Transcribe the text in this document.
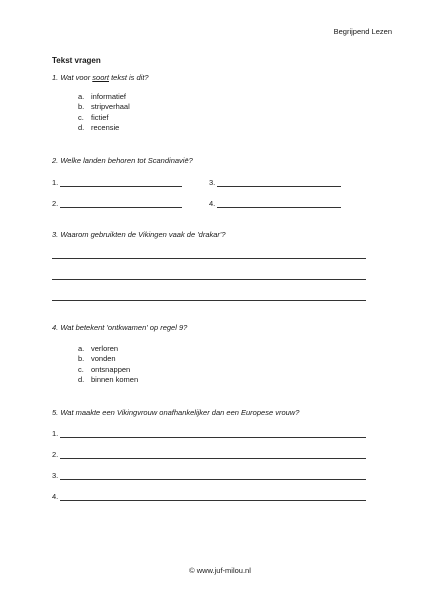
Begrijpend Lezen
Tekst vragen
1. Wat voor soort tekst is dit?
a. informatief
b. stripverhaal
c. fictief
d. recensie
2. Welke landen behoren tot Scandinavië?
1.	3.
2.	4.
3. Waarom gebruikten de Vikingen vaak de 'drakar'?
4. Wat betekent 'ontkwamen' op regel 9?
a. verloren
b. vonden
c. ontsnappen
d. binnen komen
5. Wat maakte een Vikingvrouw onafhankelijker dan een Europese vrouw?
1.
2.
3.
4.
© www.juf-milou.nl
